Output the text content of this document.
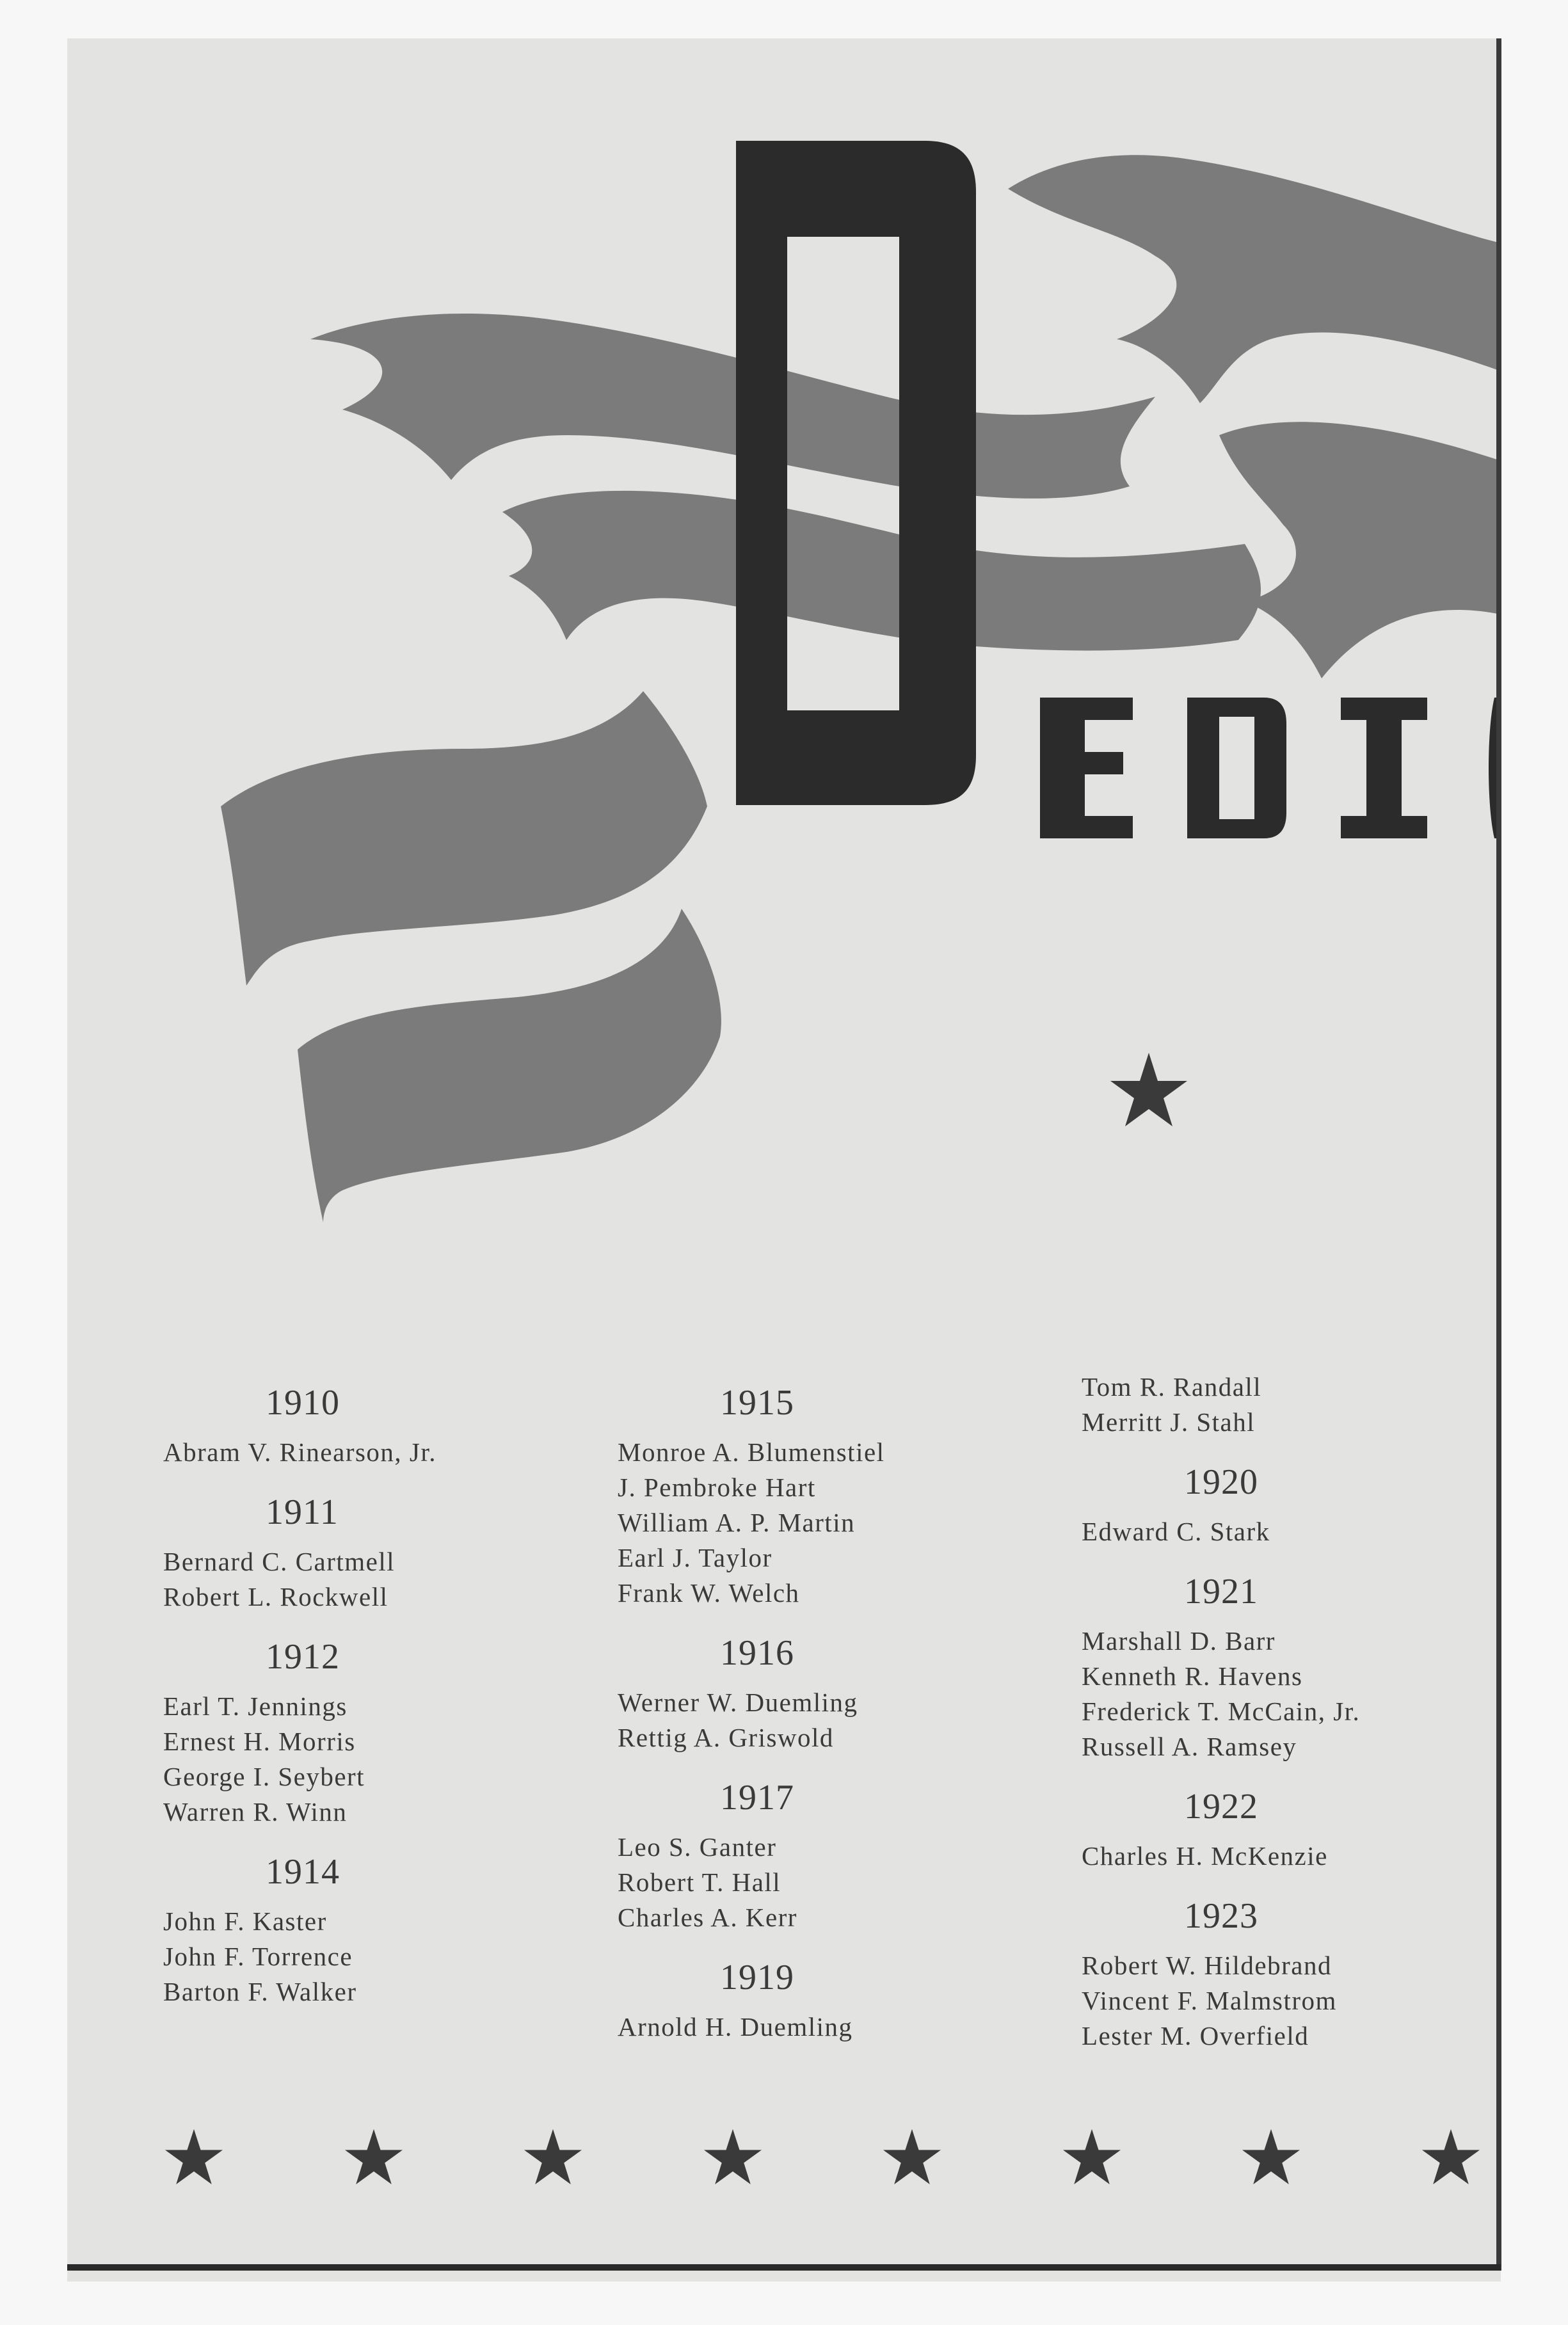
1910
Abram V. Rinearson, Jr.
1911
Bernard C. Cartmell
Robert L. Rockwell
1912
Earl T. Jennings
Ernest H. Morris
George I. Seybert
Warren R. Winn
1914
John F. Kaster
John F. Torrence
Barton F. Walker
1915
Monroe A. Blumenstiel
J. Pembroke Hart
William A. P. Martin
Earl J. Taylor
Frank W. Welch
1916
Werner W. Duemling
Rettig A. Griswold
1917
Leo S. Ganter
Robert T. Hall
Charles A. Kerr
1919
Arnold H. Duemling
Tom R. Randall
Merritt J. Stahl
1920
Edward C. Stark
1921
Marshall D. Barr
Kenneth R. Havens
Frederick T. McCain, Jr.
Russell A. Ramsey
1922
Charles H. McKenzie
1923
Robert W. Hildebrand
Vincent F. Malmstrom
Lester M. Overfield
